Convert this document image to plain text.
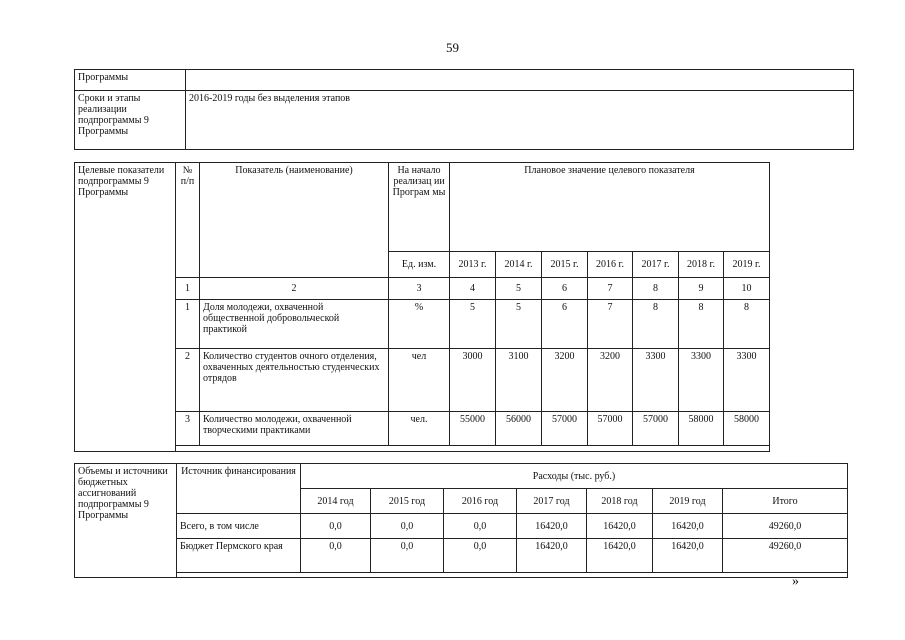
59
Программы	
Сроки и этапы реализации подпрограммы 9 Программы	2016-2019 годы без выделения этапов
Целевые показатели подпрограммы 9 Программы	№ п/п	Показатель (наименование)	На начало реализац ии Програм мы	Плановое значение целевого показателя						
			Ед. изм.	2013 г.	2014 г.	2015 г.	2016 г.	2017 г.	2018 г.	2019 г.
	1	2	3	4	5	6	7	8	9	10
	1	Доля молодежи, охваченной общественной добровольческой практикой	%	5	5	6	7	8	8	8
	2	Количество студентов очного отделения, охваченных деятельностью студенческих отрядов	чел	3000	3100	3200	3200	3300	3300	3300
	3	Количество молодежи, охваченной творческими практиками	чел.	55000	56000	57000	57000	57000	58000	58000

Объемы и источники бюджетных ассигнований подпрограммы 9 Программы	Источник финансирования	Расходы (тыс. руб.)						
		2014 год	2015 год	2016 год	2017 год	2018 год	2019 год	Итого
	Всего, в том числе	0,0	0,0	0,0	16420,0	16420,0	16420,0	49260,0
	Бюджет Пермского края	0,0	0,0	0,0	16420,0	16420,0	16420,0	49260,0

»
